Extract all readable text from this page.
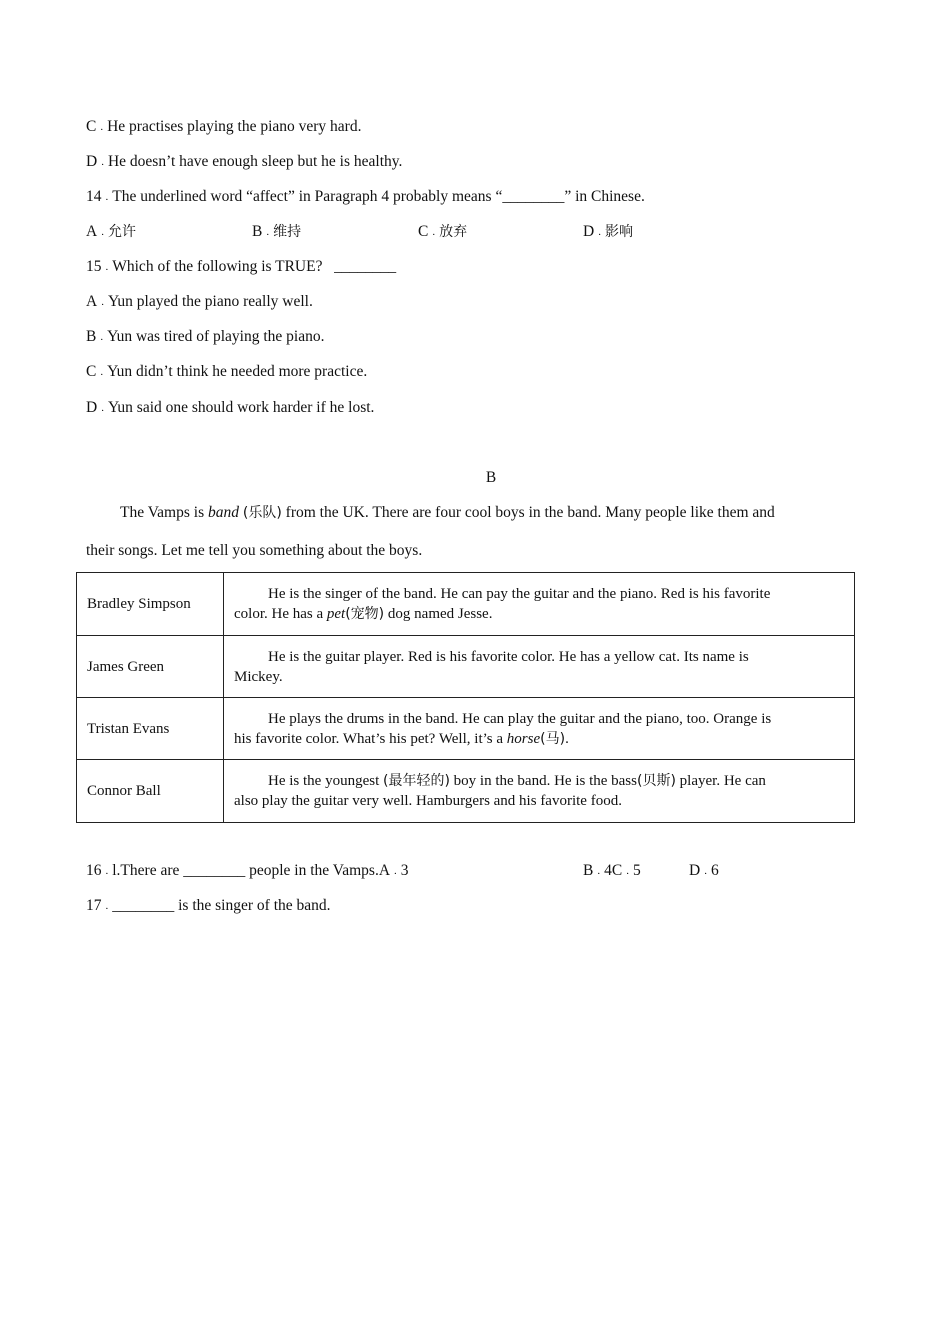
C . He practises playing the piano very hard.
D . He doesn’t have enough sleep but he is healthy.
14 . The underlined word “affect” in Paragraph 4 probably means “________” in Chinese.
A . 允许	B . 维持	C . 放弃	D . 影响
15 . Which of the following is TRUE?   ________
A . Yun played the piano really well.
B . Yun was tired of playing the piano.
C . Yun didn’t think he needed more practice.
D . Yun said one should work harder if he lost.
B
The Vamps is band (乐队) from the UK. There are four cool boys in the band. Many people like them and
their songs. Let me tell you something about the boys.
Bradley Simpson	He is the singer of the band. He can pay the guitar and the piano. Red is his favorite
color. He has a pet(宠物) dog named Jesse.
James Green	He is the guitar player. Red is his favorite color. He has a yellow cat. Its name is
Mickey.
Tristan Evans	He plays the drums in the band. He can play the guitar and the piano, too. Orange is
his favorite color. What’s his pet? Well, it’s a horse(马).
Connor Ball	He is the youngest (最年轻的) boy in the band. He is the bass(贝斯) player. He can
also play the guitar very well. Hamburgers and his favorite food.
16 . l.There are ________ people in the Vamps.A . 3	B . 4C . 5	D . 6
17 . ________ is the singer of the band.
